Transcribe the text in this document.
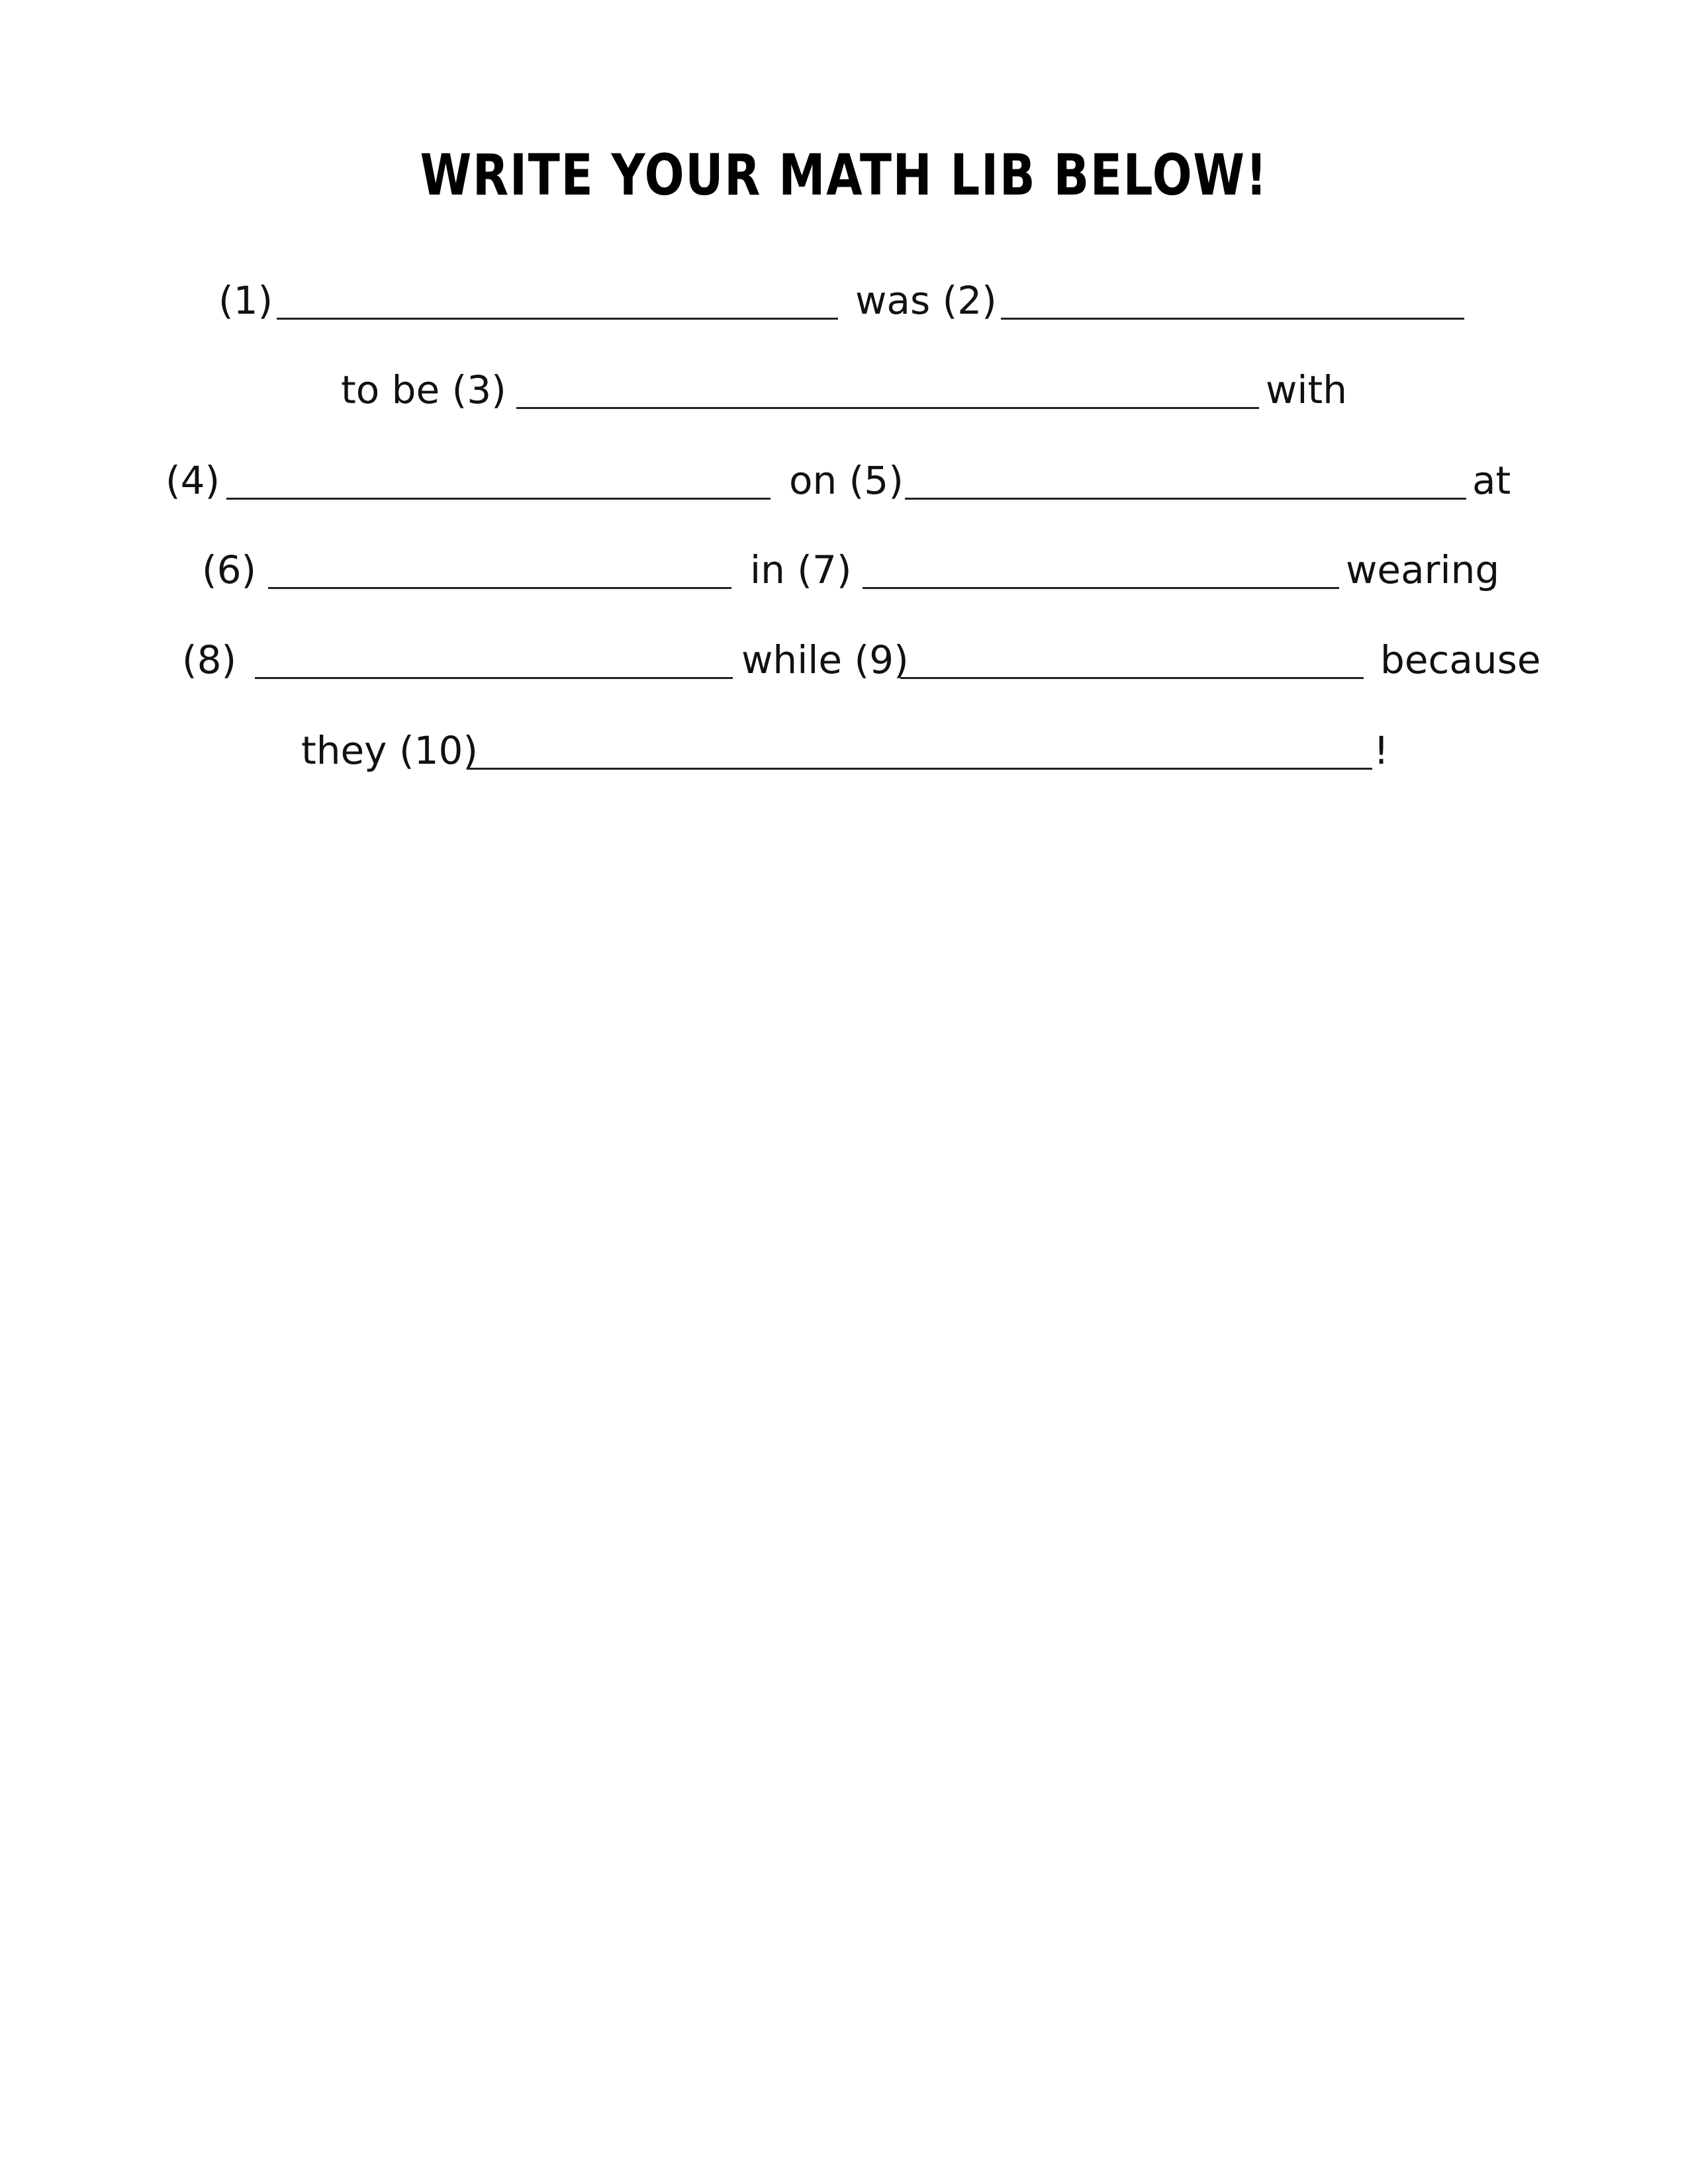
WRITE YOUR MATH LIB BELOW!
(1)	was (2)
to be (3)	with
(4)	on (5)	at
(6)	in (7)	wearing
(8)	while (9)	because
they (10)	!
